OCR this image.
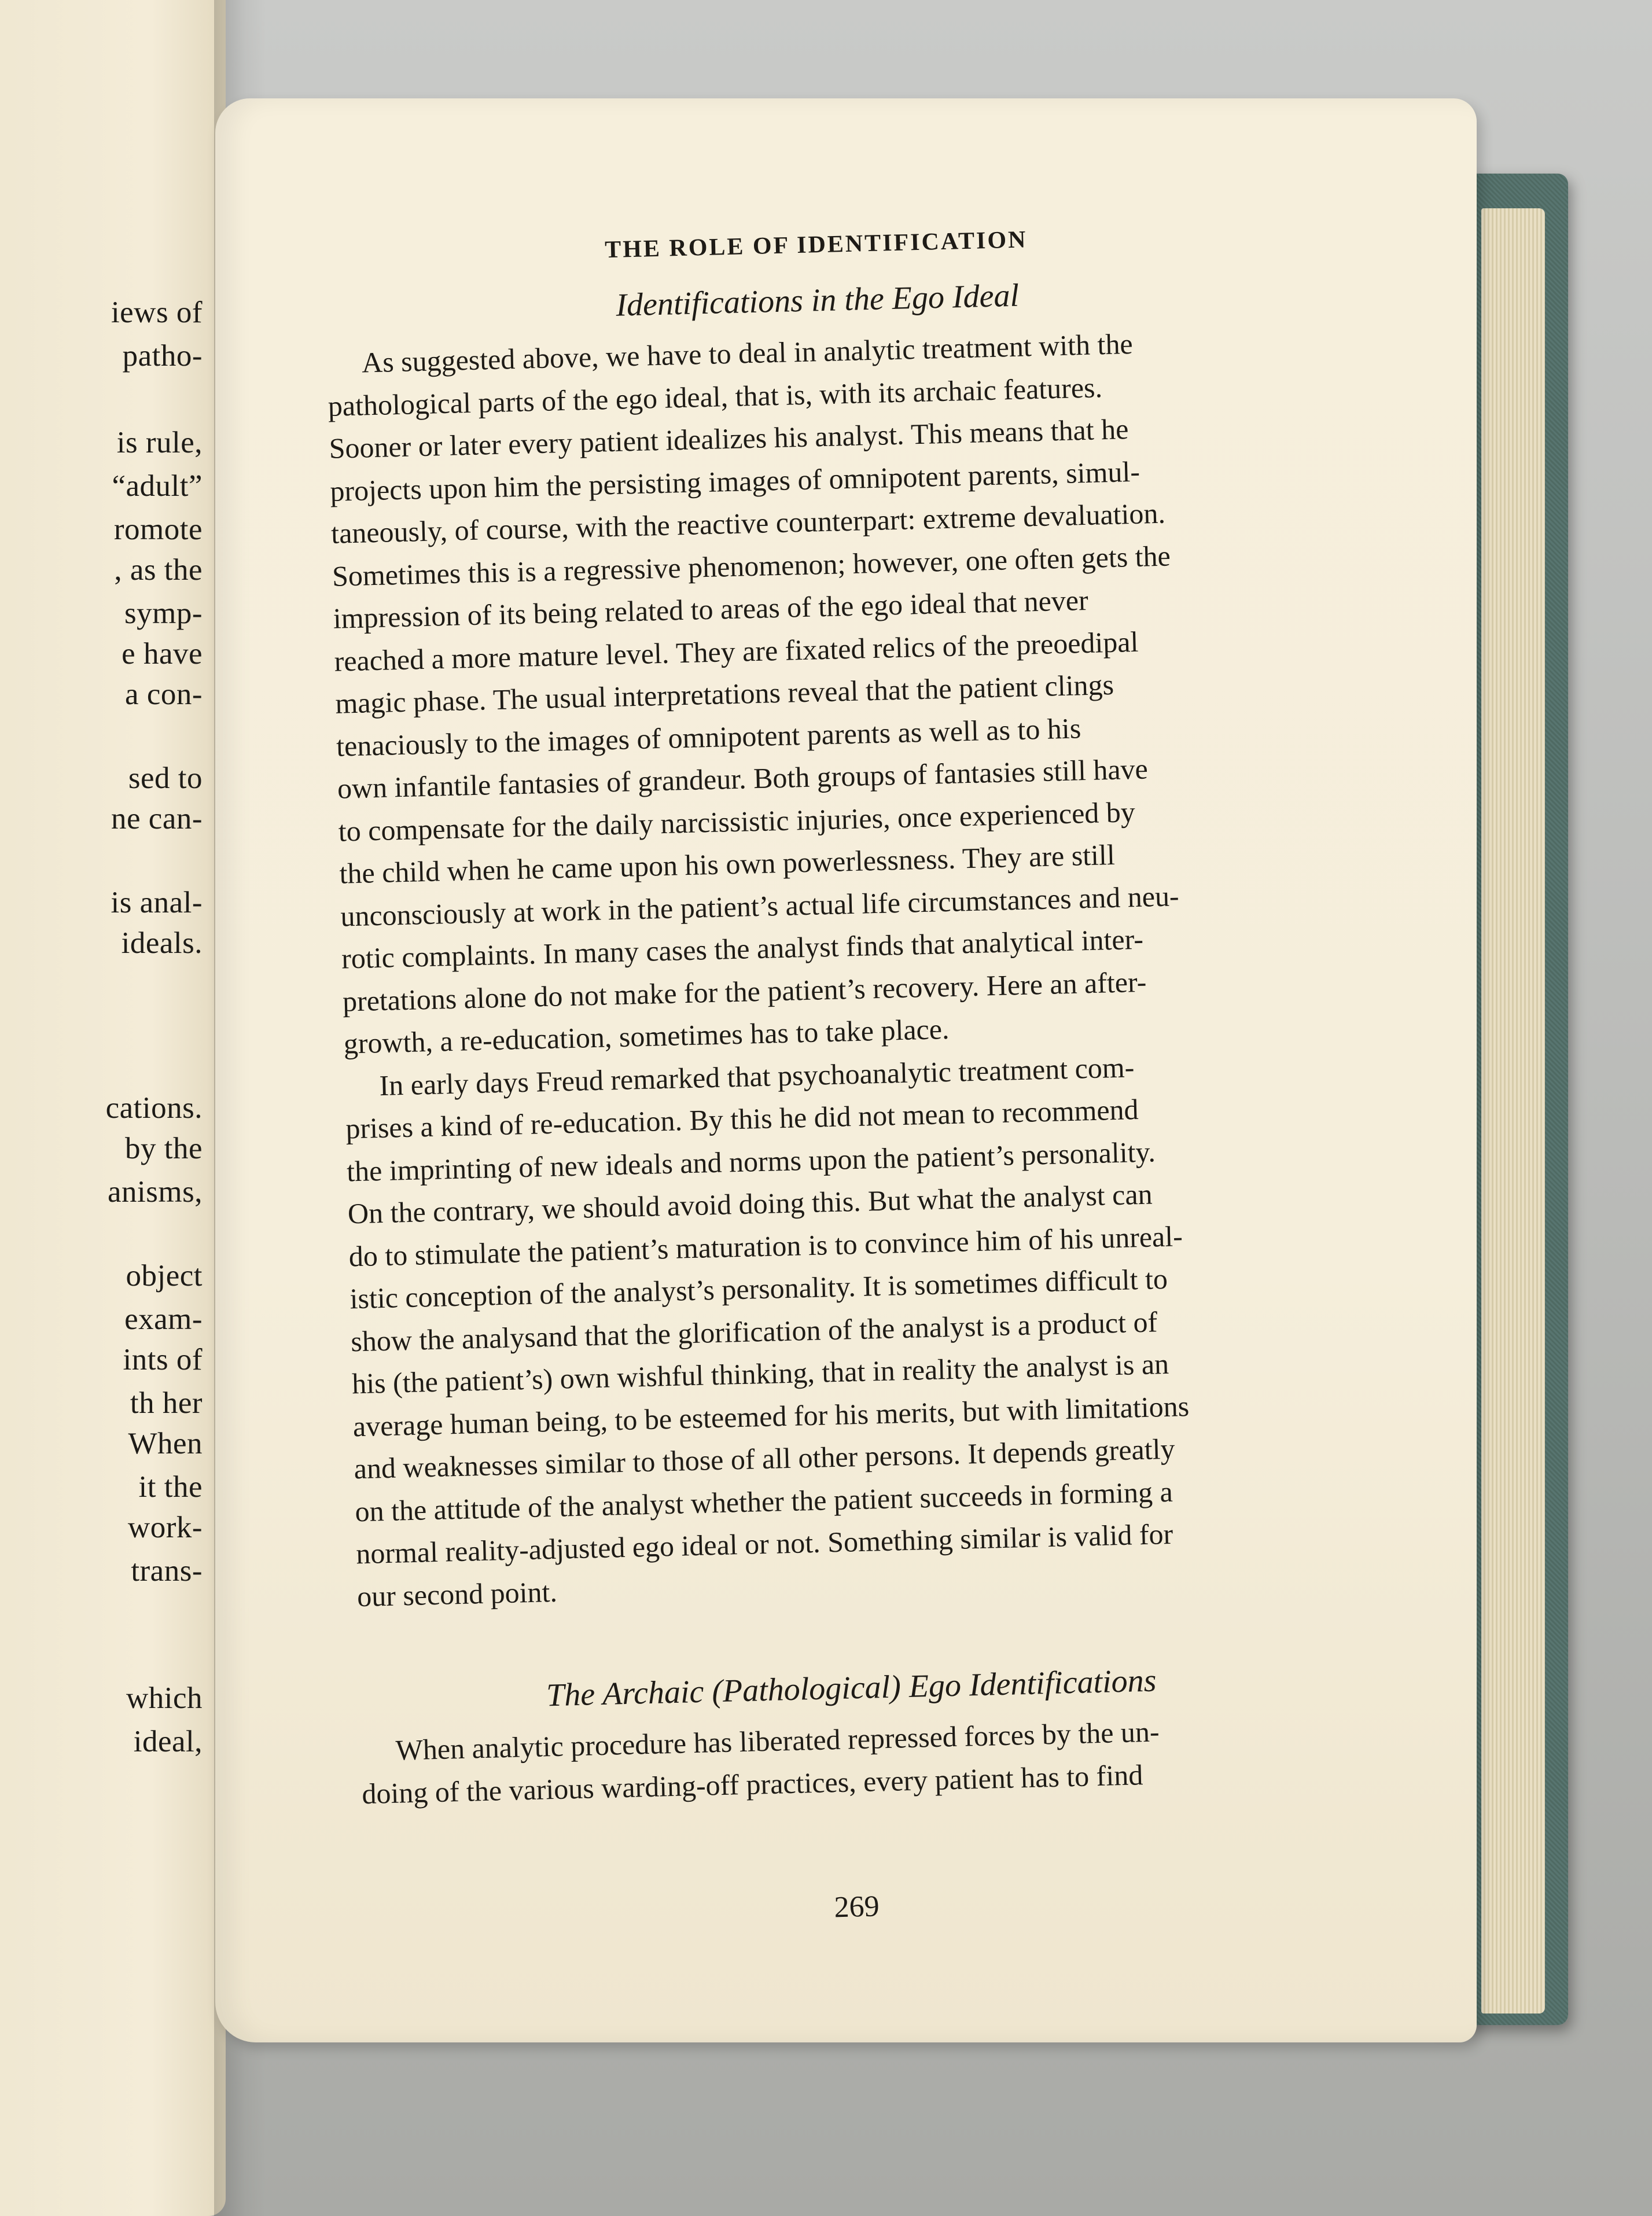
iews of
patho-
is rule,
“adult”
romote
, as the
symp-
e have
a con-
sed to
ne can-
is anal-
ideals.
cations.
by the
anisms,
object
exam-
ints of
th her
When
it the
work-
trans-
which
ideal,
THE ROLE OF IDENTIFICATION
Identifications in the Ego Ideal
As suggested above, we have to deal in analytic treatment with the
pathological parts of the ego ideal, that is, with its archaic features.
Sooner or later every patient idealizes his analyst. This means that he
projects upon him the persisting images of omnipotent parents, simul-
taneously, of course, with the reactive counterpart: extreme devaluation.
Sometimes this is a regressive phenomenon; however, one often gets the
impression of its being related to areas of the ego ideal that never
reached a more mature level. They are fixated relics of the preoedipal
magic phase. The usual interpretations reveal that the patient clings
tenaciously to the images of omnipotent parents as well as to his
own infantile fantasies of grandeur. Both groups of fantasies still have
to compensate for the daily narcissistic injuries, once experienced by
the child when he came upon his own powerlessness. They are still
unconsciously at work in the patient’s actual life circumstances and neu-
rotic complaints. In many cases the analyst finds that analytical inter-
pretations alone do not make for the patient’s recovery. Here an after-
growth, a re-education, sometimes has to take place.
In early days Freud remarked that psychoanalytic treatment com-
prises a kind of re-education. By this he did not mean to recommend
the imprinting of new ideals and norms upon the patient’s personality.
On the contrary, we should avoid doing this. But what the analyst can
do to stimulate the patient’s maturation is to convince him of his unreal-
istic conception of the analyst’s personality. It is sometimes difficult to
show the analysand that the glorification of the analyst is a product of
his (the patient’s) own wishful thinking, that in reality the analyst is an
average human being, to be esteemed for his merits, but with limitations
and weaknesses similar to those of all other persons. It depends greatly
on the attitude of the analyst whether the patient succeeds in forming a
normal reality-adjusted ego ideal or not. Something similar is valid for
our second point.
The Archaic (Pathological) Ego Identifications
When analytic procedure has liberated repressed forces by the un-
doing of the various warding-off practices, every patient has to find
269
